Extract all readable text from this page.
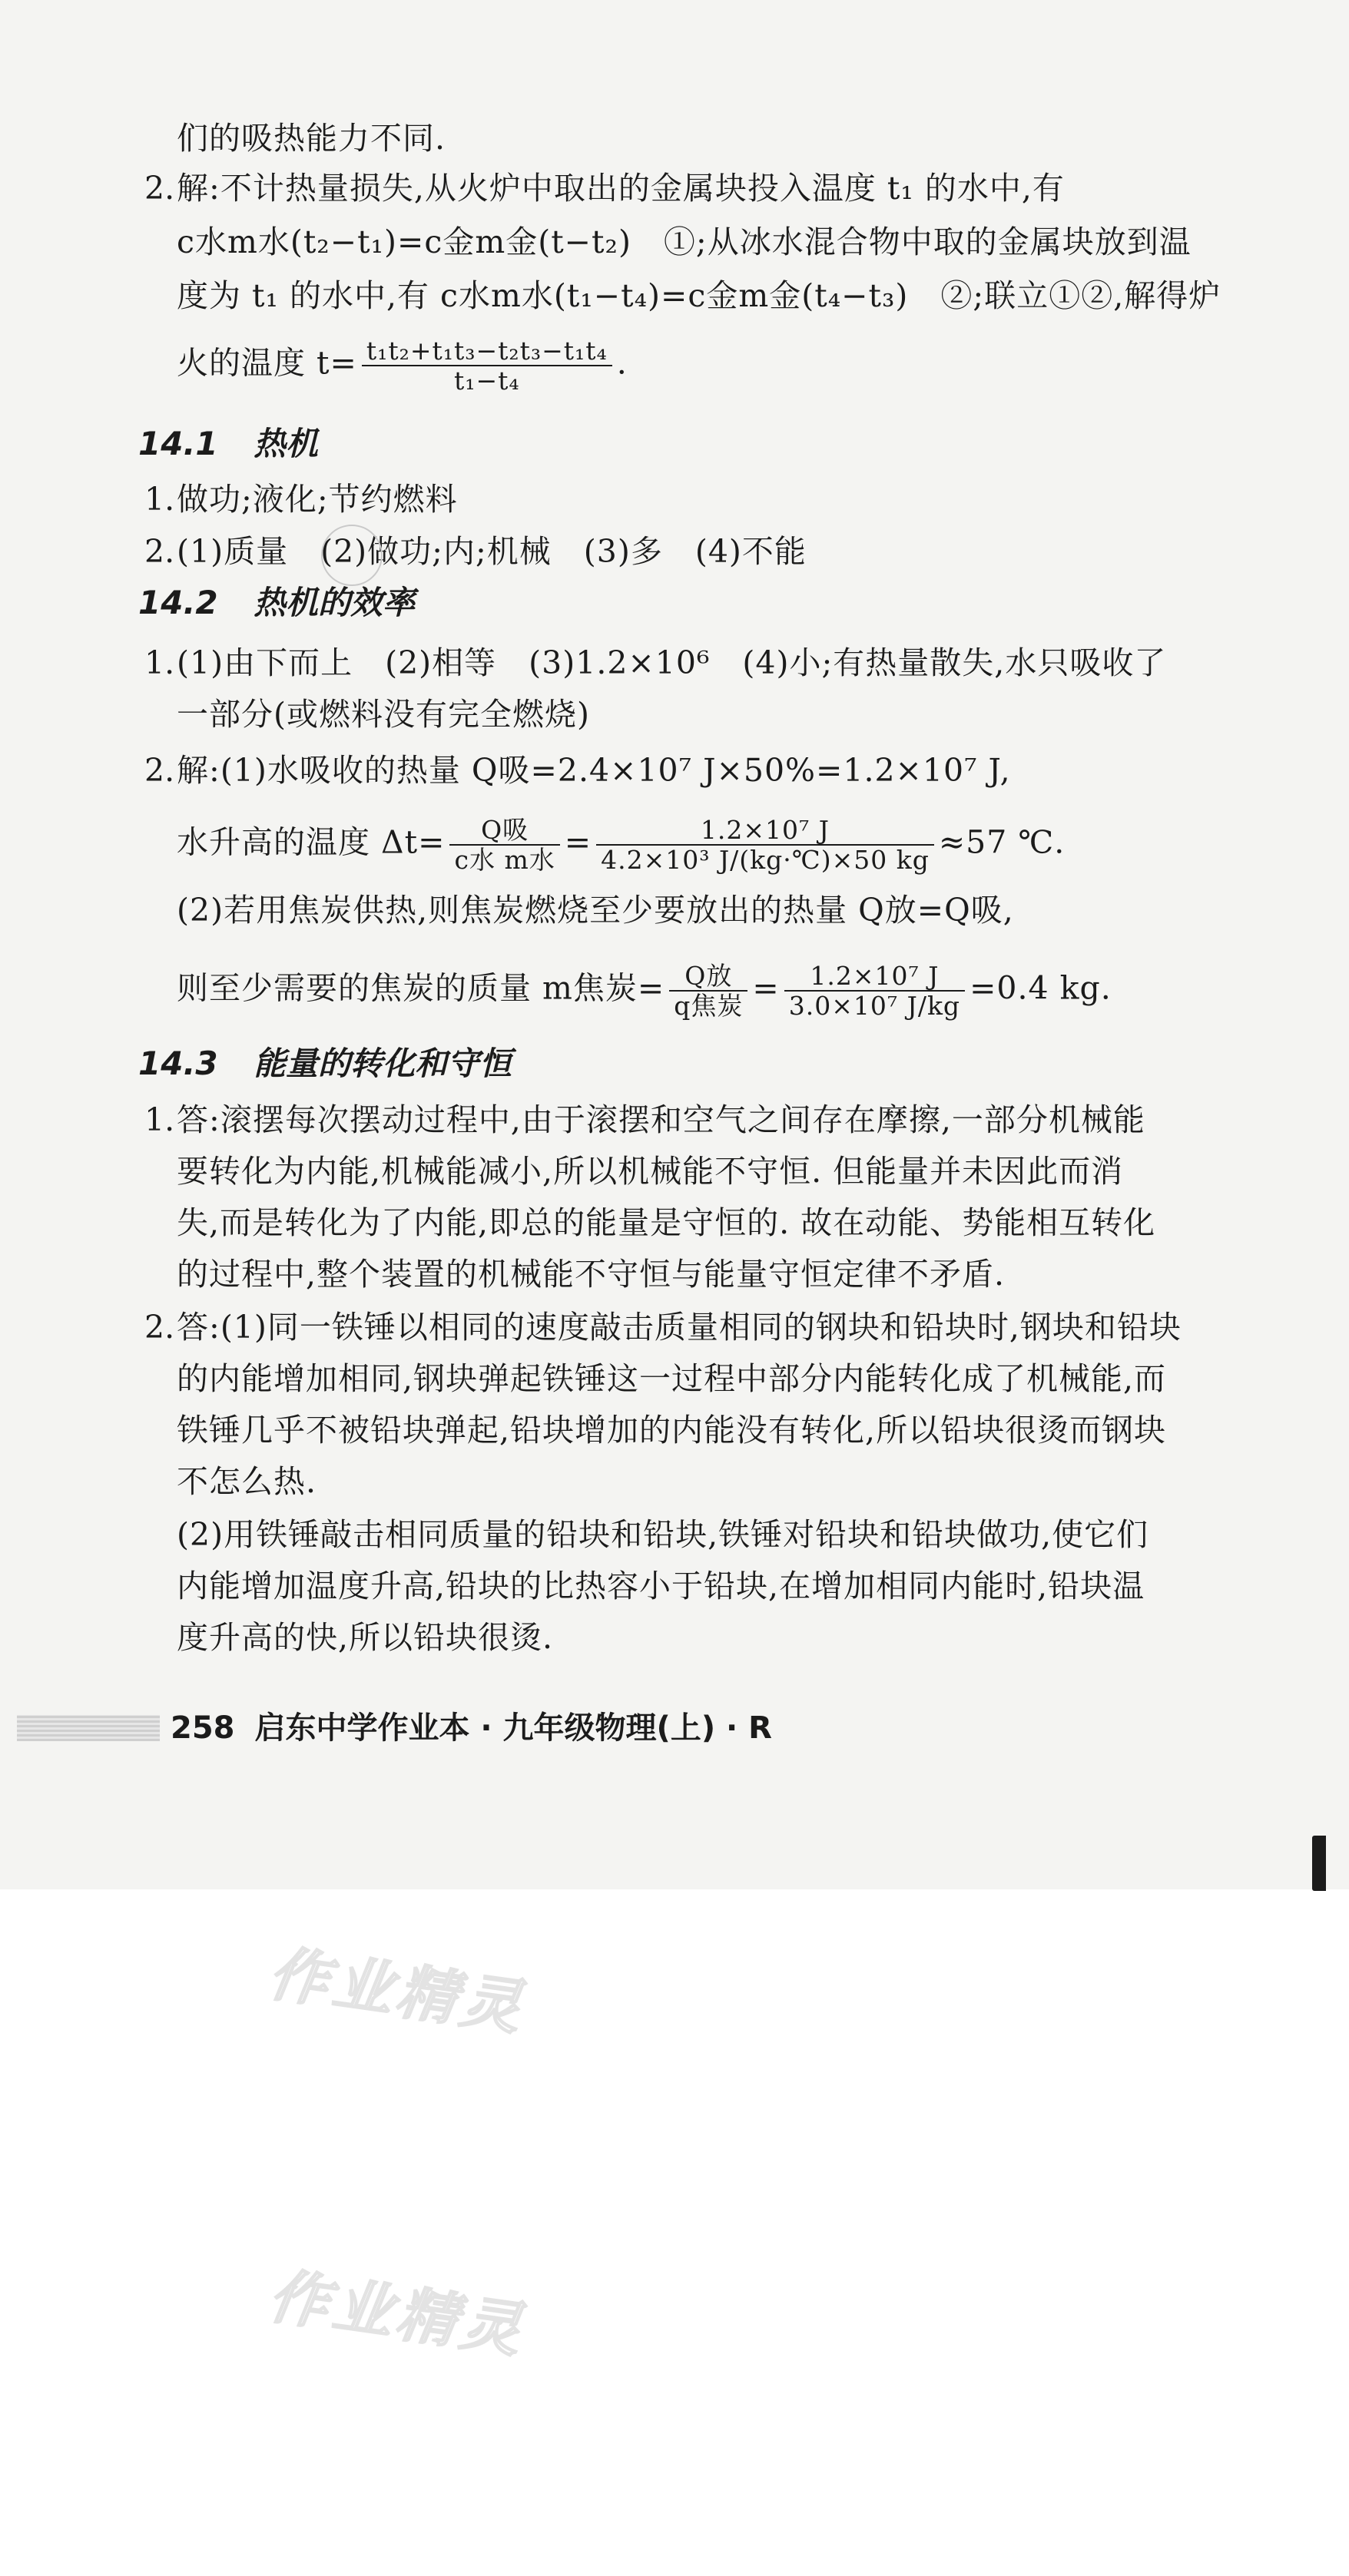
们的吸热能力不同.
2. 解:不计热量损失,从火炉中取出的金属块投入温度 t₁ 的水中,有
c水m水(t₂−t₁)=c金m金(t−t₂)　①;从冰水混合物中取的金属块放到温
度为 t₁ 的水中,有 c水m水(t₁−t₄)=c金m金(t₄−t₃)　②;联立①②,解得炉
火的温度 $t= \frac{\text{t₁t₂+t₁t₃−t₂t₃−t₁t₄}}{\text{t₁−t₄}}$ .
14.1 热机
1. 做功;液化;节约燃料
2. (1)质量　(2)做功;内;机械　(3)多　(4)不能
14.2 热机的效率
1. (1)由下而上　(2)相等　(3)1.2×10⁶　(4)小;有热量散失,水只吸收了
一部分(或燃料没有完全燃烧)
2. 解:(1)水吸收的热量 Q吸=2.4×10⁷ J×50%=1.2×10⁷ J,
水升高的温度 $\Delta t= \frac{\text{Q吸}}{\text{c水 m水}} = \frac{\text{1.2×10⁷ J}}{\text{4.2×10³ J/(kg·℃)×50 kg}} \approx 57$ ℃.
(2)若用焦炭供热,则焦炭燃烧至少要放出的热量 Q放=Q吸,
则至少需要的焦炭的质量 m焦炭= $\frac{\text{Q放}}{\text{q焦炭}} = \frac{\text{1.2×10⁷ J}}{\text{3.0×10⁷ J/kg}} =0.4$ kg.
14.3 能量的转化和守恒
1. 答:滚摆每次摆动过程中,由于滚摆和空气之间存在摩擦,一部分机械能
要转化为内能,机械能减小,所以机械能不守恒. 但能量并未因此而消
失,而是转化为了内能,即总的能量是守恒的. 故在动能、势能相互转化
的过程中,整个装置的机械能不守恒与能量守恒定律不矛盾.
2. 答:(1)同一铁锤以相同的速度敲击质量相同的钢块和铅块时,钢块和铅块
的内能增加相同,钢块弹起铁锤这一过程中部分内能转化成了机械能,而
铁锤几乎不被铅块弹起,铅块增加的内能没有转化,所以铅块很烫而钢块
不怎么热.
(2)用铁锤敲击相同质量的铅块和铅块,铁锤对铅块和铅块做功,使它们
内能增加温度升高,铅块的比热容小于铅块,在增加相同内能时,铅块温
度升高的快,所以铅块很烫.
258 启东中学作业本 · 九年级物理(上) · R
作业精灵
作业精灵
